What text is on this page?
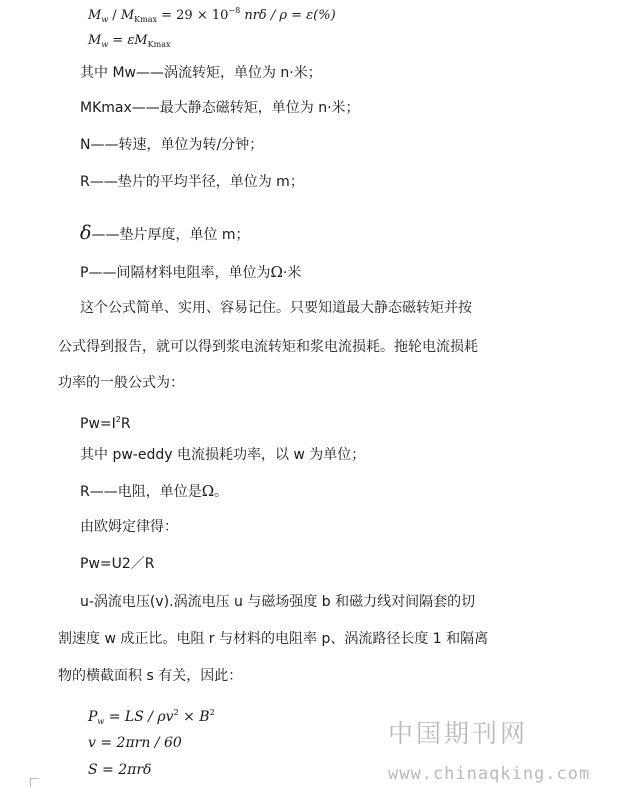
$M_w / M_{Kmax} = 29 \times 10^{-8}$ nrδ / ρ = ε(%)
$M_w = \varepsilon M_{Kmax}$
其中 Mw——涡流转矩，单位为 n·米；
MKmax——最大静态磁转矩，单位为 n·米；
N——转速，单位为转/分钟；
R——垫片的平均半径，单位为 m；
δ——垫片厚度，单位 m；
P——间隔材料电阻率，单位为Ω·米
这个公式简单、实用、容易记住。只要知道最大静态磁转矩并按
公式得到报告，就可以得到浆电流转矩和浆电流损耗。拖轮电流损耗
功率的一般公式为：
$Pw=I^2R$
其中 pw-eddy 电流损耗功率，以 w 为单位；
R——电阻，单位是Ω。
由欧姆定律得：
Pw=U2／R
u-涡流电压(v).涡流电压 u 与磁场强度 b 和磁力线对间隔套的切
割速度 w 成正比。电阻 r 与材料的电阻率 p、涡流路径长度 1 和隔离
物的横截面积 s 有关，因此：
$P_w$ = LS / $\rho v^2 \times B^2$
v = 2πrn / 60
S = 2πrδ
中国期刊网
www.chinaqking.com
